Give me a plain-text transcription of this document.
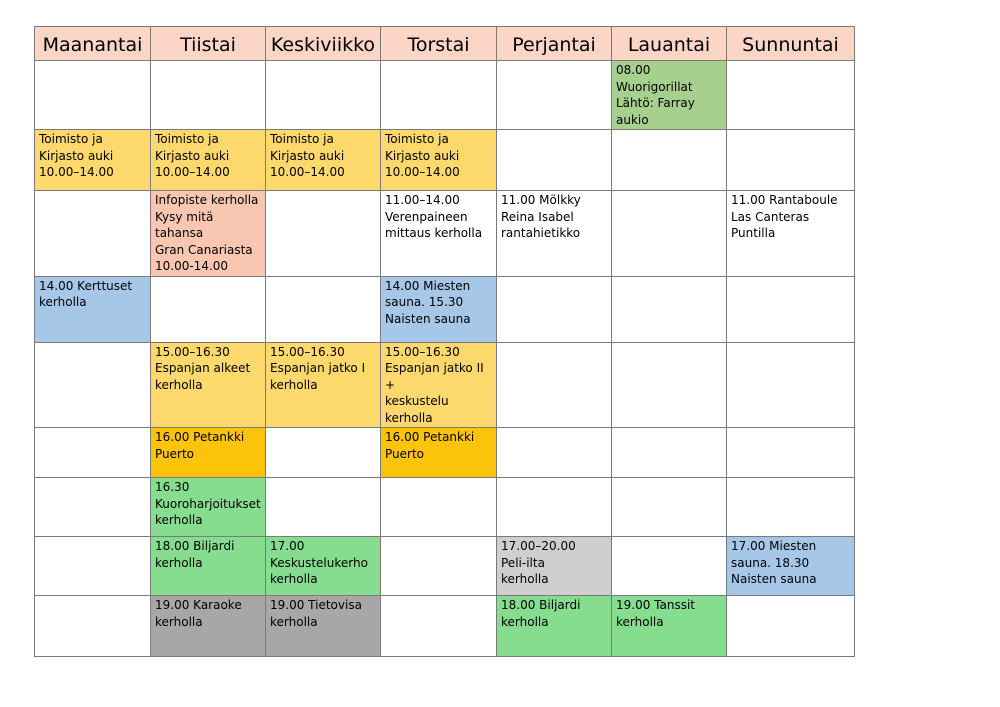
Maanantai	Tiistai	Keskiviikko	Torstai	Perjantai	Lauantai	Sunnuntai
					08.00
Wuorigorillat
Lähtö: Farray
aukio	
Toimisto ja
Kirjasto auki
10.00–14.00	Toimisto ja
Kirjasto auki
10.00–14.00	Toimisto ja
Kirjasto auki
10.00–14.00	Toimisto ja
Kirjasto auki
10.00–14.00			
	Infopiste kerholla
Kysy mitä tahansa
Gran Canariasta
10.00-14.00		11.00–14.00
Verenpaineen
mittaus kerholla	11.00 Mölkky
Reina Isabel
rantahietikko		11.00 Rantaboule
Las Canteras
Puntilla
14.00 Kerttuset
kerholla			14.00 Miesten
sauna. 15.30
Naisten sauna			
	15.00–16.30
Espanjan alkeet
kerholla	15.00–16.30
Espanjan jatko I
kerholla	15.00–16.30
Espanjan jatko II +
keskustelu
kerholla			
	16.00 Petankki
Puerto		16.00 Petankki
Puerto			
	16.30
Kuoroharjoitukset
kerholla					
	18.00 Biljardi
kerholla	17.00
Keskustelukerho
kerholla		17.00–20.00
Peli-ilta
kerholla		17.00 Miesten
sauna. 18.30
Naisten sauna
	19.00 Karaoke
kerholla	19.00 Tietovisa
kerholla		18.00 Biljardi
kerholla	19.00 Tanssit
kerholla	
